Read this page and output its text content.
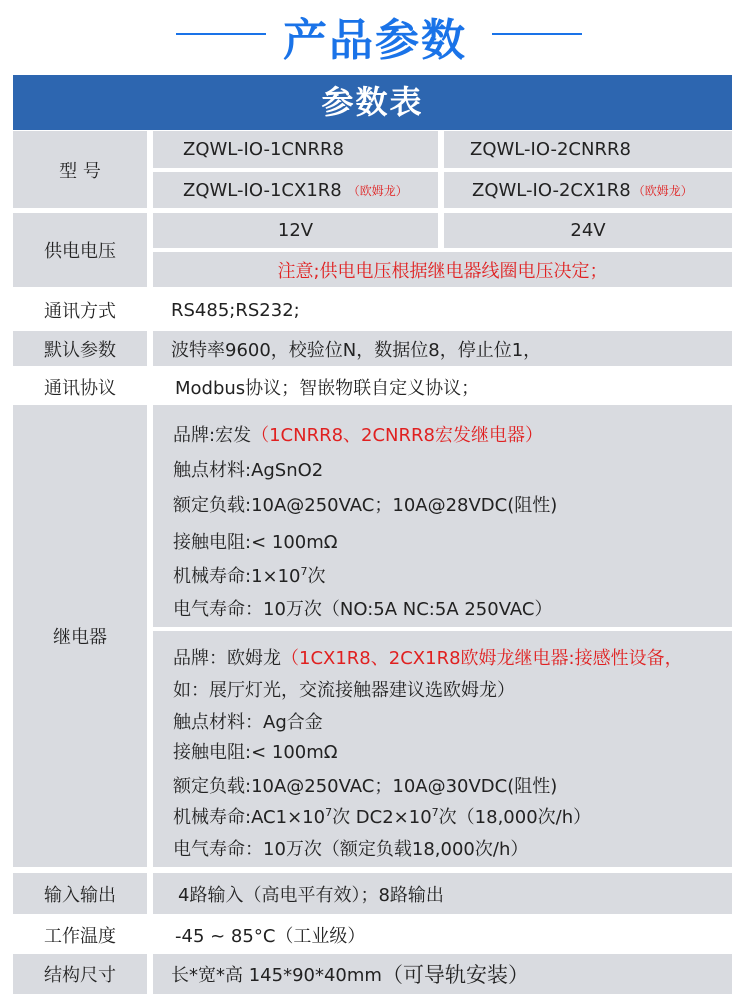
产品参数
参数表
型 号
ZQWL-IO-1CNRR8	ZQWL-IO-2CNRR8
ZQWL-IO-1CX1R8 （欧姆龙）	ZQWL-IO-2CX1R8 （欧姆龙）
供电电压
12V	24V
注意;供电电压根据继电器线圈电压决定；
通讯方式	RS485;RS232;
默认参数	波特率9600，校验位N，数据位8，停止位1，
通讯协议	Modbus协议；智嵌物联自定义协议；
继电器
品牌:宏发（1CNRR8、2CNRR8宏发继电器）
触点材料:AgSnO2
额定负载:10A@250VAC；10A@28VDC(阻性)
接触电阻:< 100mΩ
机械寿命$:1\times 10^7$次
电气寿命：10万次（NO:5A NC:5A 250VAC）
品牌：欧姆龙（1CX1R8、2CX1R8欧姆龙继电器:接感性设备，
如：展厅灯光，交流接触器建议选欧姆龙）
触点材料：Ag合金
接触电阻:< 100mΩ
额定负载:10A@250VAC；10A@30VDC(阻性)
机械寿命$:AC1\times 10^7$次 $DC2\times 10^7$次（18,000次/h）
电气寿命：10万次（额定负载18,000次/h）
输入输出	4路输入（高电平有效）；8路输出
工作温度	-45 ~ 85°C（工业级）
结构尺寸	长*宽*高 145*90*40mm （可导轨安装）
